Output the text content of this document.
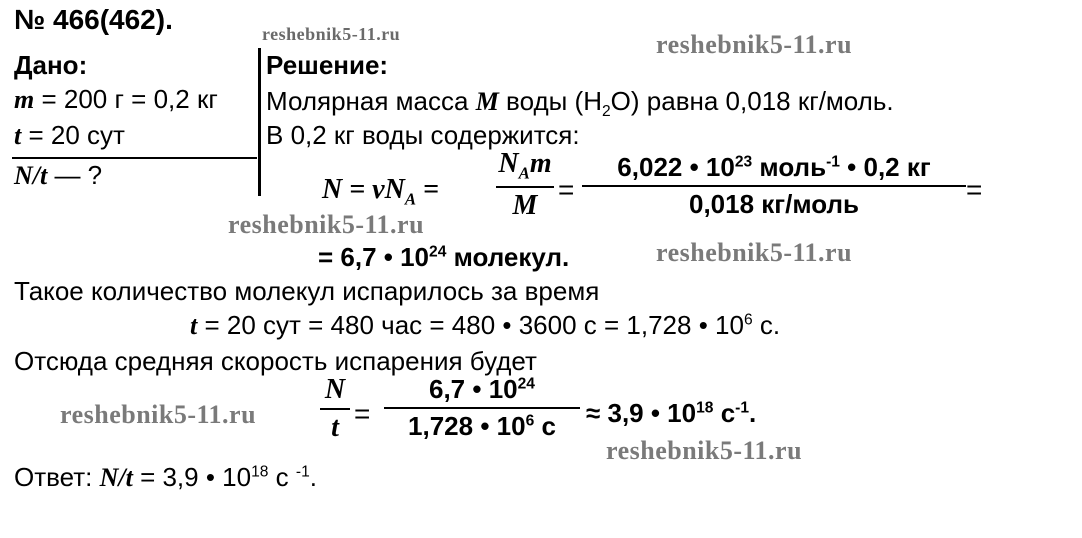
№ 466(462).	reshebnik5-11.ru	reshebnik5-11.ru
Дано:
m = 200 г = 0,2 кг
t = 20 сут
N/t — ?
Решение:
Молярная масса M воды $(H_2O)$ равна 0,018 кг/моль.
В 0,2 кг воды содержится:
$N = \nu N_A$ =
$N_Am$
M
=
6,022 • $10^{23}$ моль$^{-1}$ • 0,2 кг
0,018 кг/моль	=
reshebnik5-11.ru
= 6,7 • $10^{24}$ молекул.	reshebnik5-11.ru
Такое количество молекул испарилось за время
t = 20 сут = 480 час = 480 • 3600 с = 1,728 • $10^6$ с.
Отсюда средняя скорость испарения будет
reshebnik5-11.ru
N
t =
6,7 • $10^{24}$
1,728 • $10^6$ с ≈ 3,9 • $10^{18}$ $с^{-1}$.
reshebnik5-11.ru
Ответ: N/t = 3,9 • $10^{18}$ с $^{-1}$.
